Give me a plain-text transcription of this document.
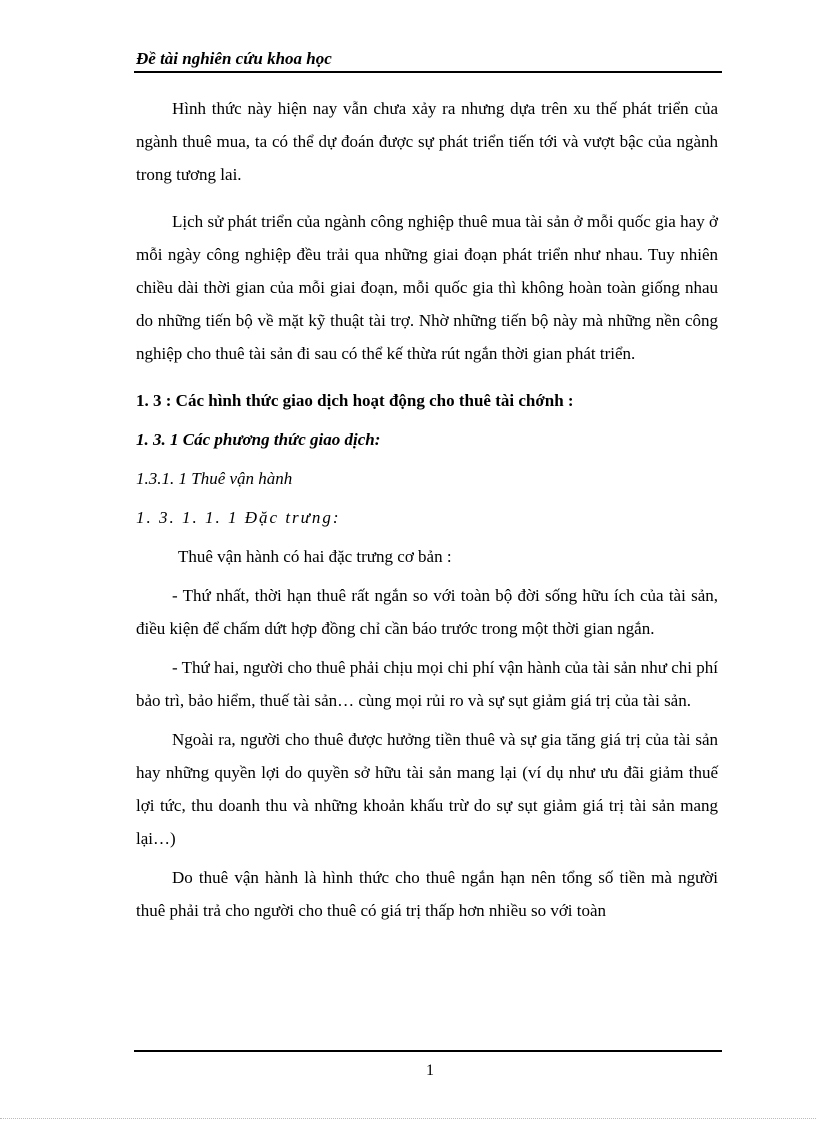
Đề tài nghiên cứu khoa học

Hình thức này hiện nay vẫn chưa xảy ra nhưng dựa trên xu thế phát triển của ngành thuê mua, ta có thể dự đoán được sự phát triển tiến tới và vượt bậc của ngành trong tương lai.

Lịch sử phát triển của ngành công nghiệp thuê mua tài sản ở mỗi quốc gia hay ở mỗi ngày công nghiệp đều trải qua những giai đoạn phát triển như nhau. Tuy nhiên chiều dài thời gian của mỗi giai đoạn, mỗi quốc gia thì không hoàn toàn giống nhau do những tiến bộ về mặt kỹ thuật tài trợ. Nhờ những tiến bộ này mà những nền công nghiệp cho thuê tài sản đi sau có thể kế thừa rút ngắn thời gian phát triển.

1. 3 : Các hình thức giao dịch hoạt động cho thuê tài chớnh :

1. 3. 1 Các phương thức giao dịch:

1.3.1. 1 Thuê vận hành

1. 3. 1. 1. 1 Đặc trưng:

Thuê vận hành có hai đặc trưng cơ bản :

- Thứ nhất, thời hạn thuê rất ngắn so với toàn bộ đời sống hữu ích của tài sản, điều kiện để chấm dứt hợp đồng chỉ cần báo trước trong một thời gian ngắn.

- Thứ hai, người cho thuê phải chịu mọi chi phí vận hành của tài sản như chi phí bảo trì, bảo hiểm, thuế tài sản… cùng mọi rủi ro và sự sụt giảm giá trị của tài sản.

Ngoài ra, người cho thuê được hưởng tiền thuê và sự gia tăng giá trị của tài sản hay những quyền lợi do quyền sở hữu tài sản mang lại (ví dụ như ưu đãi giảm thuế lợi tức, thu doanh thu và những khoản khấu trừ do sự sụt giảm giá trị tài sản mang lại…)

Do thuê vận hành là hình thức cho thuê ngắn hạn nên tổng số tiền mà người thuê phải trả cho người cho thuê có giá trị thấp hơn nhiều so với toàn

1
